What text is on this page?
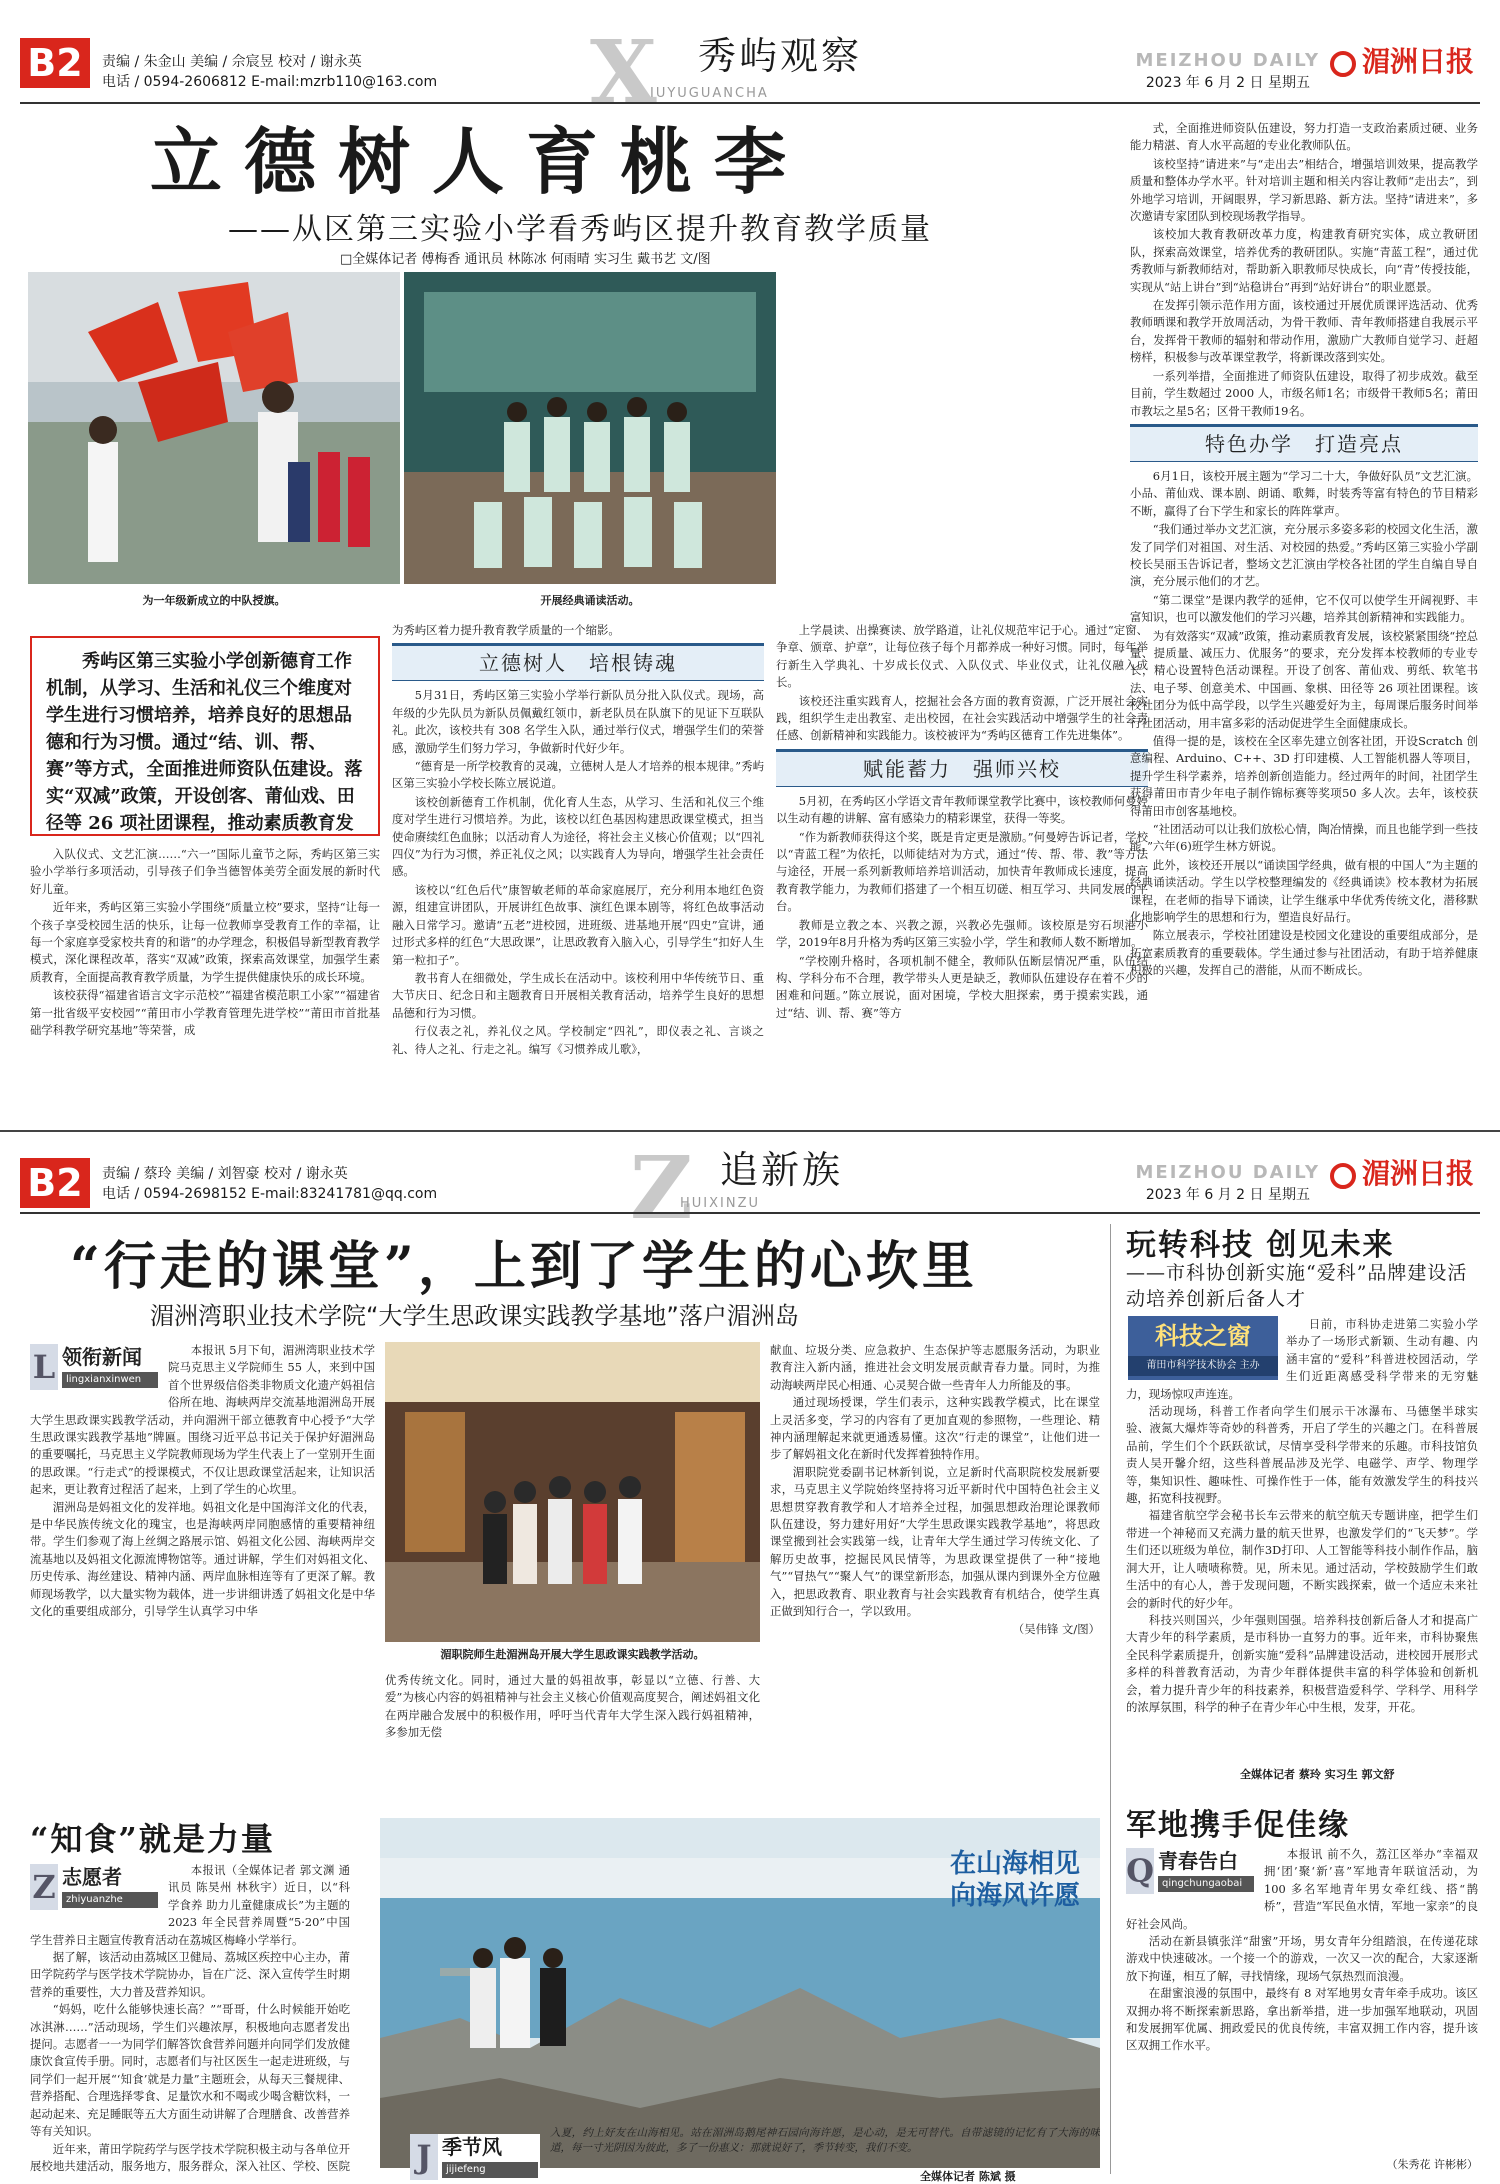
B2	责编 / 朱金山 美编 / 佘宸昱 校对 / 谢永英
电话 / 0594-2606812 E-mail:mzrb110@163.com X 秀屿观察
IUYUGUANCHA
MEIZHOU DAILY
2023 年 6 月 2 日 星期五
湄洲日报
立德树人育桃李
——从区第三实验小学看秀屿区提升教育教学质量
□全媒体记者 傅梅香 通讯员 林陈冰 何雨晴 实习生 戴书艺 文/图
为一年级新成立的中队授旗。	开展经典诵读活动。
秀屿区第三实验小学创新德育工作机制，从学习、生活和礼仪三个维度对学生进行习惯培养，培养良好的思想品德和行为习惯。通过“结、训、帮、赛”等方式，全面推进师资队伍建设。落实“双减”政策，开设创客、莆仙戏、田径等 26 项社团课程，推动素质教育发

入队仪式、文艺汇演……“六一”国际儿童节之际，秀屿区第三实验小学举行多项活动，引导孩子们争当德智体美劳全面发展的新时代好儿童。

近年来，秀屿区第三实验小学围绕“质量立校”要求，坚持“让每一个孩子享受校园生活的快乐，让每一位教师享受教育工作的幸福，让每一个家庭享受家校共育的和谐”的办学理念，积极倡导新型教育教学模式，深化课程改革，落实“双减”政策，探索高效课堂，加强学生素质教育，全面提高教育教学质量，为学生提供健康快乐的成长环境。

该校获得“福建省语言文字示范校”“福建省模范职工小家”“福建省第一批省级平安校园”“莆田市小学教育管理先进学校”“莆田市首批基础学科教学研究基地”等荣誉，成

为秀屿区着力提升教育教学质量的一个缩影。
立德树人　培根铸魂

5月31日，秀屿区第三实验小学举行新队员分批入队仪式。现场，高年级的少先队员为新队员佩戴红领巾，新老队员在队旗下的见证下互联队礼。此次，该校共有 308 名学生入队，通过举行仪式，增强学生们的荣誉感，激励学生们努力学习，争做新时代好少年。

“德育是一所学校教育的灵魂，立德树人是人才培养的根本规律。”秀屿区第三实验小学校长陈立展说道。

该校创新德育工作机制，优化育人生态，从学习、生活和礼仪三个维度对学生进行习惯培养。为此，该校以红色基因构建思政课堂模式，担当使命赓续红色血脉；以活动育人为途径，将社会主义核心价值观；以“四礼四仪”为行为习惯，养正礼仪之风；以实践育人为导向，增强学生社会责任感。

该校以“红色后代”康智敏老师的革命家庭展厅，充分利用本地红色资源，组建宣讲团队，开展讲红色故事、演红色课本剧等，将红色故事活动融入日常学习。邀请“五老”进校园，进班级、进基地开展“四史”宣讲，通过形式多样的红色“大思政课”，让思政教育入脑入心，引导学生“扣好人生第一粒扣子”。

教书育人在细微处，学生成长在活动中。该校利用中华传统节日、重大节庆日、纪念日和主题教育日开展相关教育活动，培养学生良好的思想品德和行为习惯。

行仪表之礼，养礼仪之风。学校制定“四礼”，即仪表之礼、言谈之礼、待人之礼、行走之礼。编写《习惯养成儿歌》，

上学晨读、出操赛读、放学路道，让礼仪规范牢记于心。通过“定窗、争章、颁章、护章”，让每位孩子每个月都养成一种好习惯。同时，每年举行新生入学典礼、十岁成长仪式、入队仪式、毕业仪式，让礼仪融入成长。

该校还注重实践育人，挖掘社会各方面的教育资源，广泛开展社会实践，组织学生走出教室、走出校园，在社会实践活动中增强学生的社会责任感、创新精神和实践能力。该校被评为“秀屿区德育工作先进集体”。

赋能蓄力　强师兴校

5月初，在秀屿区小学语文青年教师课堂教学比赛中，该校教师何曼婷以生动有趣的讲解、富有感染力的精彩课堂，获得一等奖。

“作为新教师获得这个奖，既是肯定更是激励。”何曼婷告诉记者，学校以“青蓝工程”为依托，以师徒结对为方式，通过“传、帮、带、教”等方法与途径，开展一系列新教师培养培训活动，加快青年教师成长速度，提高教育教学能力，为教师们搭建了一个相互切磋、相互学习、共同发展的平台。

教师是立教之本、兴教之源，兴教必先强师。该校原是穷石坝港小学，2019年8月升格为秀屿区第三实验小学，学生和教师人数不断增加。

“学校刚升格时，各项机制不健全，教师队伍断层情况严重，队伍结构、学科分布不合理，教学带头人更是缺乏，教师队伍建设存在着不少的困难和问题。”陈立展说，面对困境，学校大胆探索，勇于摸索实践，通过“结、训、帮、赛”等方

式，全面推进师资队伍建设，努力打造一支政治素质过硬、业务能力精湛、育人水平高超的专业化教师队伍。

该校坚持“请进来”与“走出去”相结合，增强培训效果，提高教学质量和整体办学水平。针对培训主题和相关内容让教师“走出去”，到外地学习培训，开阔眼界，学习新思路、新方法。坚持“请进来”，多次邀请专家团队到校现场教学指导。

该校加大教育教研改革力度，构建教育研究实体，成立教研团队，探索高效课堂，培养优秀的教研团队。实施“青蓝工程”，通过优秀教师与新教师结对，帮助新入职教师尽快成长，向“青”传授技能，实现从“站上讲台”到“站稳讲台”再到“站好讲台”的职业愿景。

在发挥引领示范作用方面，该校通过开展优质课评选活动、优秀教师晒课和教学开放周活动，为骨干教师、青年教师搭建自我展示平台，发挥骨干教师的辐射和带动作用，激励广大教师自觉学习、赶超榜样，积极参与改革课堂教学，将新课改落到实处。

一系列举措，全面推进了师资队伍建设，取得了初步成效。截至目前，学生数超过 2000 人，市级名师1名；市级骨干教师5名；莆田市教坛之星5名；区骨干教师19名。

特色办学　打造亮点

6月1日，该校开展主题为“学习二十大，争做好队员”文艺汇演。小品、莆仙戏、课本剧、朗诵、歌舞，时装秀等富有特色的节目精彩不断，赢得了台下学生和家长的阵阵掌声。

“我们通过举办文艺汇演，充分展示多姿多彩的校园文化生活，激发了同学们对祖国、对生活、对校园的热爱。”秀屿区第三实验小学副校长吴丽玉告诉记者，整场文艺汇演由学校各社团的学生自编自导自演，充分展示他们的才艺。

“第二课堂”是课内教学的延伸，它不仅可以使学生开阔视野、丰富知识，也可以激发他们的学习兴趣，培养其创新精神和实践能力。

为有效落实“双减”政策，推动素质教育发展，该校紧紧围绕“控总量、提质量、减压力、优服务”的要求，充分发挥本校教师的专业专长，精心设置特色活动课程。开设了创客、莆仙戏、剪纸、软笔书法、电子琴、创意美术、中国画、象棋、田径等 26 项社团课程。该校社团分为低中高学段，以学生兴趣爱好为主，每周课后服务时间举行社团活动，用丰富多彩的活动促进学生全面健康成长。

值得一提的是，该校在全区率先建立创客社团，开设Scratch 创意编程、Arduino、C++、3D 打印建模、人工智能机器人等项目，提升学生科学素养，培养创新创造能力。经过两年的时间，社团学生获得莆田市青少年电子制作锦标赛等奖项50 多人次。去年，该校获得莆田市创客基地校。

“社团活动可以让我们放松心情，陶冶情操，而且也能学到一些技能。”六年(6)班学生林方妍说。

此外，该校还开展以“诵读国学经典，做有根的中国人”为主题的经典诵读活动。学生以学校整理编发的《经典诵读》校本教材为拓展课程，在老师的指导下诵读，让学生继承中华优秀传统文化，潜移默化地影响学生的思想和行为，塑造良好品行。

陈立展表示，学校社团建设是校园文化建设的重要组成部分，是拓宽素质教育的重要载体。学生通过参与社团活动，有助于培养健康积极的兴趣，发挥自己的潜能，从而不断成长。

B2	责编 / 蔡玲 美编 / 刘智豪 校对 / 谢永英
电话 / 0594-2698152 E-mail:83241781@qq.com Z 追新族
HUIXINZU
MEIZHOU DAILY
2023 年 6 月 2 日 星期五
湄洲日报
“行走的课堂”，上到了学生的心坎里
湄洲湾职业技术学院“大学生思政课实践教学基地”落户湄洲岛
L 领衔新闻
lingxianxinwen

本报讯 5月下旬，湄洲湾职业技术学院马克思主义学院师生 55 人，来到中国首个世界级信俗类非物质文化遗产妈祖信俗所在地、海峡两岸交流基地湄洲岛开展大学生思政课实践教学活动，并向湄洲干部立德教育中心授予“大学生思政课实践教学基地”牌匾。围绕习近平总书记关于保护好湄洲岛的重要嘱托，马克思主义学院教师现场为学生代表上了一堂别开生面的思政课。“行走式”的授课模式，不仅让思政课堂活起来，让知识活起来，更让教育过程活了起来，上到了学生的心坎里。

湄洲岛是妈祖文化的发祥地。妈祖文化是中国海洋文化的代表，是中华民族传统文化的瑰宝，也是海峡两岸同胞感情的重要精神纽带。学生们参观了海上丝绸之路展示馆、妈祖文化公园、海峡两岸交流基地以及妈祖文化源流博物馆等。通过讲解，学生们对妈祖文化、历史传承、海丝建设、精神内涵、两岸血脉相连等有了更深了解。教师现场教学，以大量实物为载体，进一步讲细讲透了妈祖文化是中华文化的重要组成部分，引导学生认真学习中华

湄职院师生赴湄洲岛开展大学生思政课实践教学活动。

优秀传统文化。同时，通过大量的妈祖故事，彰显以“立德、行善、大爱”为核心内容的妈祖精神与社会主义核心价值观高度契合，阐述妈祖文化在两岸融合发展中的积极作用，呼吁当代青年大学生深入践行妈祖精神，多参加无偿

献血、垃圾分类、应急救护、生态保护等志愿服务活动，为职业教育注入新内涵，推进社会文明发展贡献青春力量。同时，为推动海峡两岸民心相通、心灵契合做一些青年人力所能及的事。

通过现场授课，学生们表示，这种实践教学模式，比在课堂上灵活多变，学习的内容有了更加直观的参照物，一些理论、精神内涵理解起来就更通透易懂。这次“行走的课堂”，让他们进一步了解妈祖文化在新时代发挥着独特作用。

湄职院党委副书记林新钊说，立足新时代高职院校发展新要求，马克思主义学院始终坚持将习近平新时代中国特色社会主义思想贯穿教育教学和人才培养全过程，加强思想政治理论课教师队伍建设，努力建好用好“大学生思政课实践教学基地”，将思政课堂搬到社会实践第一线，让青年大学生通过学习传统文化、了解历史故事，挖掘民风民情等，为思政课堂提供了一种“接地气”“冒热气”“聚人气”的课堂新形态，加强从课内到课外全方位融入，把思政教育、职业教育与社会实践教育有机结合，使学生真正做到知行合一，学以致用。

（吴伟锋 文/图）
“知食”就是力量
Z 志愿者
zhiyuanzhe

本报讯（全媒体记者 郭文渊 通讯员 陈昊州 林秋宇）近日，以“科学食养 助力儿童健康成长”为主题的 2023 年全民营养周暨“5·20”中国学生营养日主题宣传教育活动在荔城区梅峰小学举行。

据了解，该活动由荔城区卫健局、荔城区疾控中心主办，莆田学院药学与医学技术学院协办，旨在广泛、深入宣传学生时期营养的重要性，大力普及营养知识。

“妈妈，吃什么能够快速长高？”“哥哥，什么时候能开始吃冰淇淋……”活动现场，学生们兴趣浓厚，积极地向志愿者发出提问。志愿者一一为同学们解答饮食营养问题并向同学们发放健康饮食宣传手册。同时，志愿者们与社区医生一起走进班级，与同学们一起开展“‘知食’就是力量”主题班会，从每天三餐规律、营养搭配、合理选择零食、足量饮水和不喝或少喝含糖饮料，一起动起来、充足睡眠等五大方面生动讲解了合理膳食、改善营养等有关知识。

近年来，莆田学院药学与医学技术学院积极主动与各单位开展校地共建活动，服务地方，服务群众，深入社区、学校、医院

在山海相见
向海风许愿
J 季节风
jijiefeng
入夏，约上好友在山海相见。站在湄洲岛鹅尾神石园向海许愿，是心动，是无可替代。自带滤镜的记忆有了大海的味道，每一寸光阴因为彼此，多了一份惠义：那就说好了，季节转变，我们不变。
全媒体记者 陈斌 摄
玩转科技 创见未来
——市科协创新实施“爱科”品牌建设活动培养创新后备人才
科技之窗
莆田市科学技术协会 主办

日前，市科协走进第二实验小学举办了一场形式新颖、生动有趣、内涵丰富的“爱科”科普进校园活动，学生们近距离感受科学带来的无穷魅力，现场惊叹声连连。

活动现场，科普工作者向学生们展示干冰瀑布、马德堡半球实验、液氮大爆炸等奇妙的科普秀，开启了学生的兴趣之门。在科普展品前，学生们个个跃跃欲试，尽情享受科学带来的乐趣。市科技馆负责人吴开馨介绍，这些科普展品涉及光学、电磁学、声学、物理学等，集知识性、趣味性、可操作性于一体，能有效激发学生的科技兴趣，拓宽科技视野。

福建省航空学会秘书长车云带来的航空航天专题讲座，把学生们带进一个神秘而又充满力量的航天世界，也激发学们的“飞天梦”。学生们还以班级为单位，制作3D打印、人工智能等科技小制作作品，脑洞大开，让人啧啧称赞。见，所未见。通过活动，学校鼓励学生们敢生活中的有心人，善于发现问题，不断实践探索，做一个适应未来社会的新时代的好少年。

科技兴则国兴，少年强则国强。培养科技创新后备人才和提高广大青少年的科学素质，是市科协一直努力的事。近年来，市科协聚焦全民科学素质提升，创新实施“爱科”品牌建设活动，进校园开展形式多样的科普教育活动，为青少年群体提供丰富的科学体验和创新机会，着力提升青少年的科技素养，积极营造爱科学、学科学、用科学的浓厚氛围，科学的种子在青少年心中生根，发芽，开花。

全媒体记者 蔡玲 实习生 郭文舒
军地携手促佳缘
Q 青春告白
qingchungaobai

本报讯 前不久，荔江区举办“幸福双拥‘团’聚‘新’喜”军地青年联谊活动，为 100 多名军地青年男女牵红线、搭“鹊桥”，营造“军民鱼水情，军地一家亲”的良好社会风尚。

活动在新县镇张洋“甜蜜”开场，男女青年分组踏浪，在传递花球游戏中快速破冰。一个接一个的游戏，一次又一次的配合，大家逐渐放下拘谨，相互了解，寻找情缘，现场气氛热烈而浪漫。

在甜蜜浪漫的氛围中，最终有 8 对军地男女青年牵手成功。该区双拥办将不断探索新思路，拿出新举措，进一步加强军地联动，巩固和发展拥军优属、拥政爱民的优良传统，丰富双拥工作内容，提升该区双拥工作水平。

（朱秀花 许彬彬）
